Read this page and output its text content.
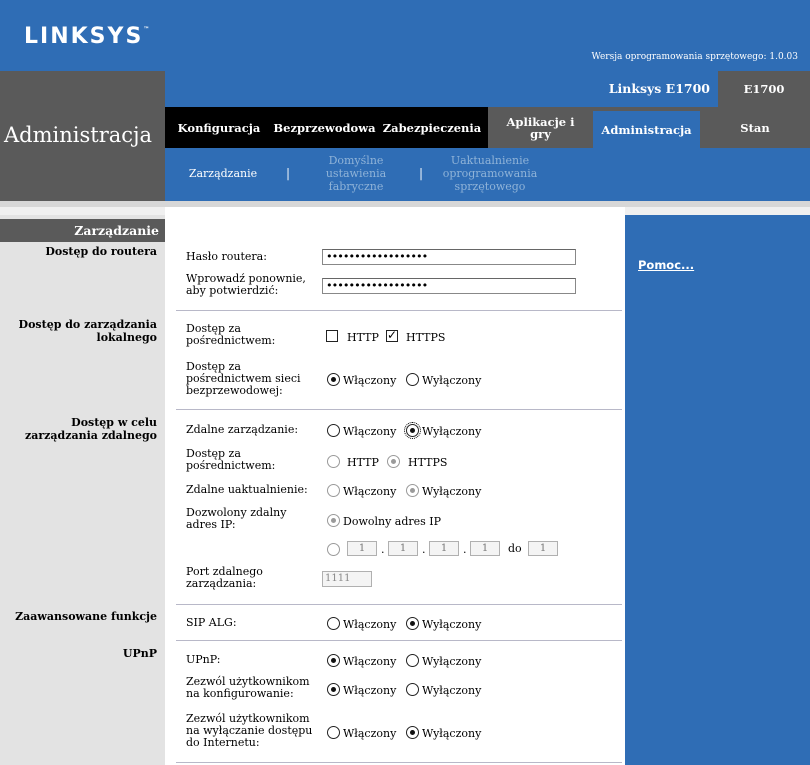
LINKSYS™
Wersja oprogramowania sprzętowego: 1.0.03
Administracja
Linksys E1700	E1700
Konfiguracja	Bezprzewodowa Zabezpieczenia	Aplikacje i gry	Administracja	Stan
Zarządzanie	|
Domyślne ustawienia fabryczne
|
Uaktualnienie oprogramowania sprzętowego
Zarządzanie
Dostęp do routera
Dostęp do zarządzania lokalnego
Dostęp w celu zarządzania zdalnego
Zaawansowane funkcje
UPnP
Pomoc...
Hasło routera:	••••••••••••••••••
Wprowadź ponownie, aby potwierdzić:	••••••••••••••••••
Dostęp za pośrednictwem:	HTTP
✓ HTTPS
Dostęp za pośrednictwem sieci bezprzewodowej:
Włączony Wyłączony
Zdalne zarządzanie:	Włączony Wyłączony
Dostęp za pośrednictwem:	HTTP	HTTPS
Zdalne uaktualnienie:	Włączony Wyłączony
Dozwolony zdalny adres IP:	Dowolny adres IP
1	.	1	.	1	.	1	do	1
Port zdalnego zarządzania:	1111
SIP ALG:	Włączony Wyłączony
UPnP:	Włączony Wyłączony
Zezwól użytkownikom na konfigurowanie:	Włączony Wyłączony
Zezwól użytkownikom na wyłączanie dostępu do Internetu:
Włączony Wyłączony
